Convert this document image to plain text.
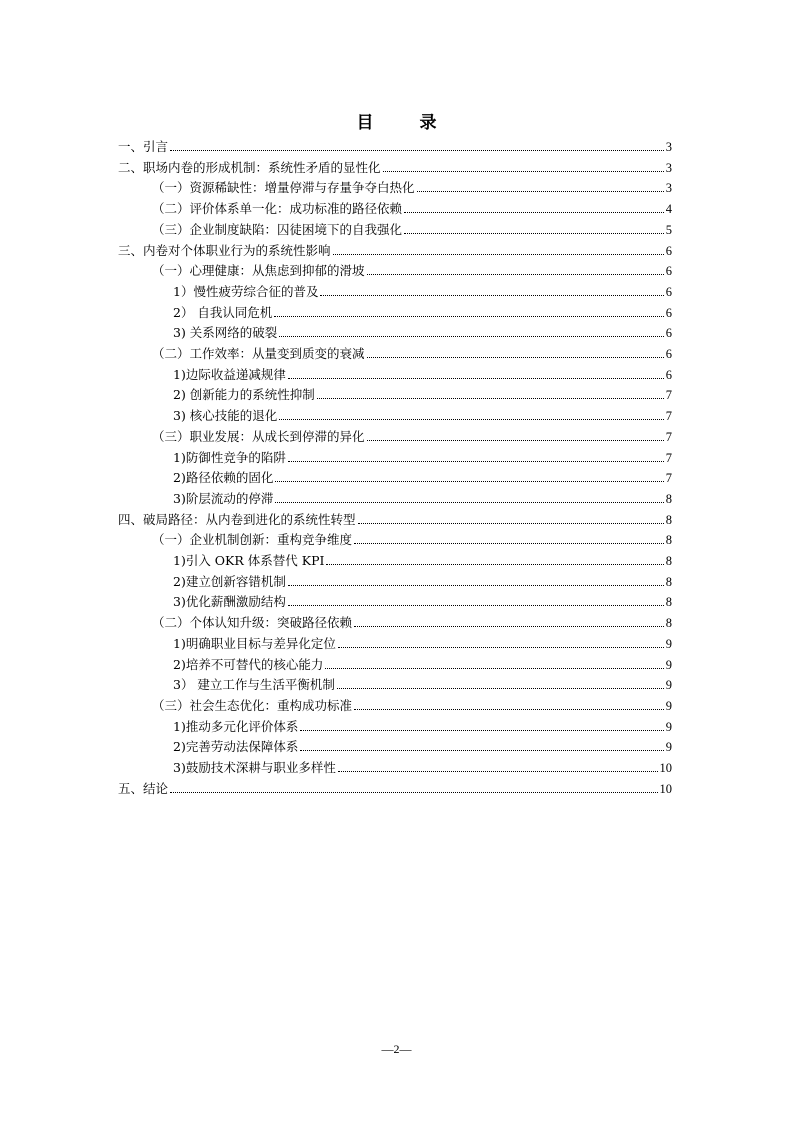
目 录
一、引言	3
二、职场内卷的形成机制：系统性矛盾的显性化	3
（一）资源稀缺性：增量停滞与存量争夺白热化	3
（二）评价体系单一化：成功标准的路径依赖	4
（三）企业制度缺陷：囚徒困境下的自我强化	5
三、内卷对个体职业行为的系统性影响	6
（一）心理健康：从焦虑到抑郁的滑坡	6
1）慢性疲劳综合征的普及	6
2） 自我认同危机	6
3) 关系网络的破裂	6
（二）工作效率：从量变到质变的衰减	6
1)边际收益递减规律	6
2) 创新能力的系统性抑制	7
3) 核心技能的退化	7
（三）职业发展：从成长到停滞的异化	7
1)防御性竞争的陷阱	7
2)路径依赖的固化	7
3)阶层流动的停滞	8
四、破局路径：从内卷到进化的系统性转型	8
（一）企业机制创新：重构竞争维度	8
1)引入 OKR 体系替代 KPI	8
2)建立创新容错机制	8
3)优化薪酬激励结构	8
（二）个体认知升级：突破路径依赖	8
1)明确职业目标与差异化定位	9
2)培养不可替代的核心能力	9
3） 建立工作与生活平衡机制	9
（三）社会生态优化：重构成功标准	9
1)推动多元化评价体系	9
2)完善劳动法保障体系	9
3)鼓励技术深耕与职业多样性	10
五、结论	10
—2—
